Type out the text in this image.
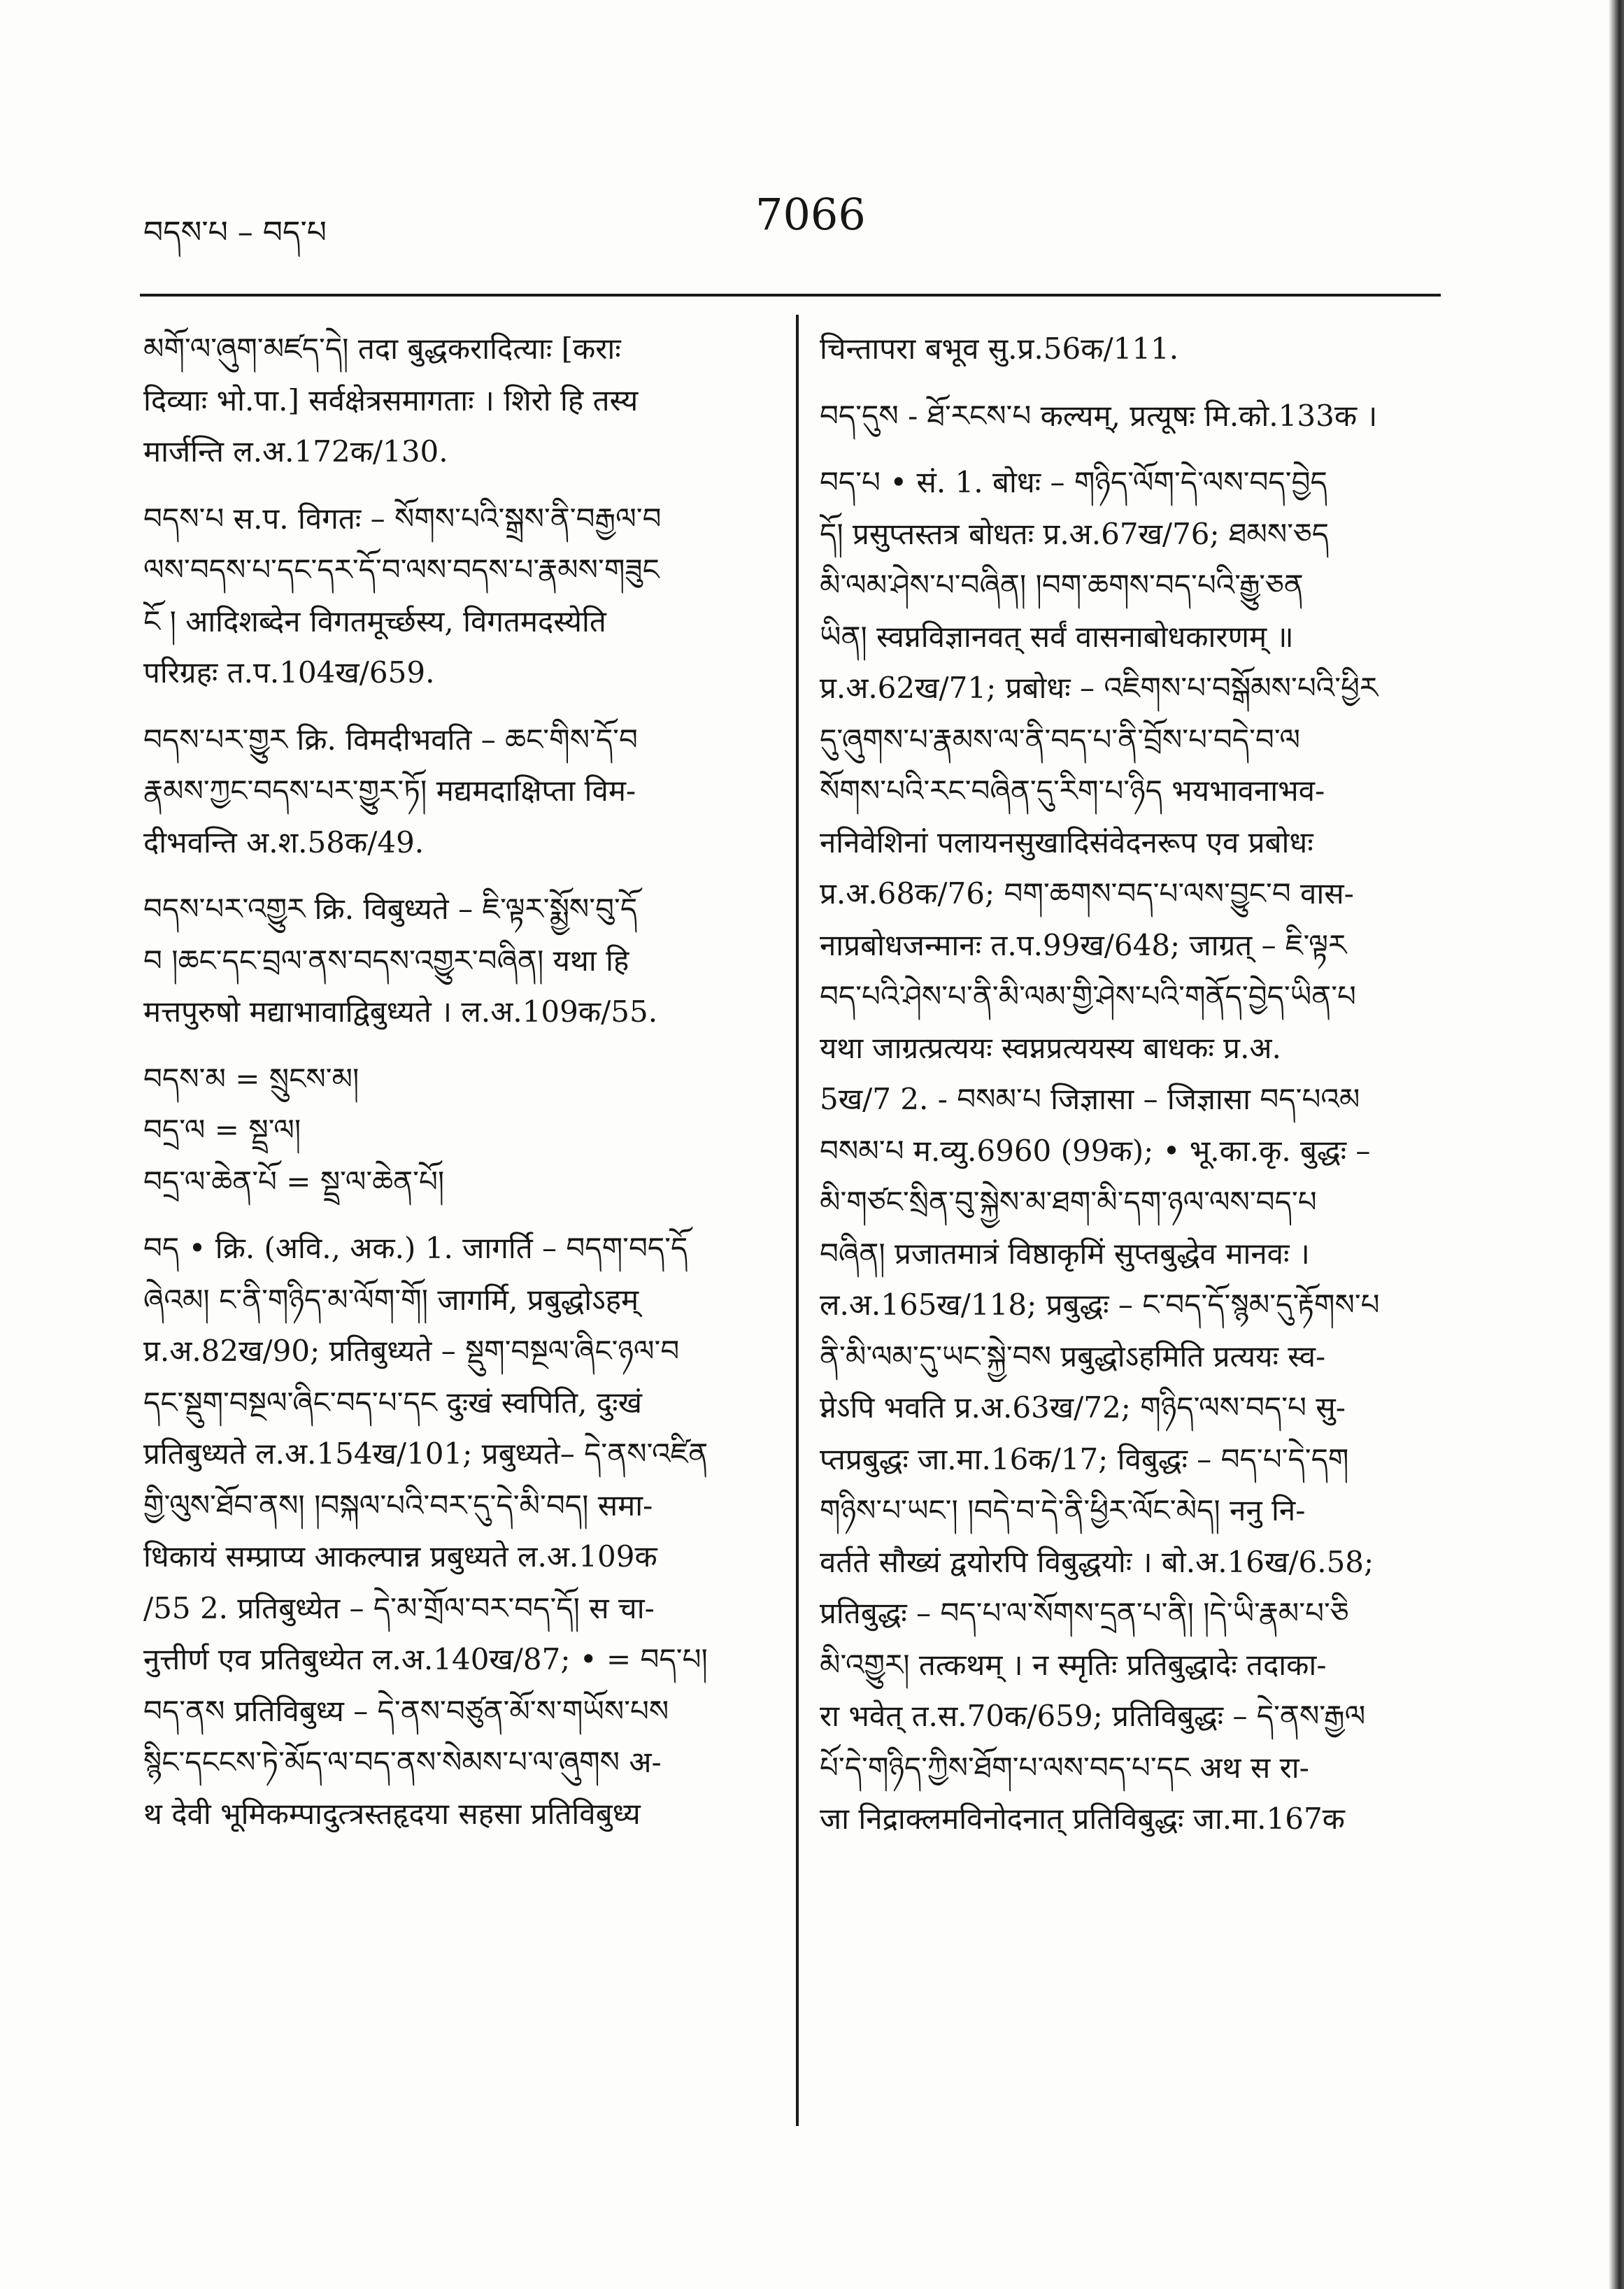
བདས་པ – བད་པ	7066
མགོ་ལ་ཞུག་མཛད་དེ། तदा बुद्धकरादित्याः [कराः
दिव्याः भो.पा.] सर्वक्षेत्रसमागताः । शिरो हि तस्य
मार्जन्ति ल.अ.172क/130.
བདས་པ स.प. विगतः – སོགས་པའི་སྒྲས་ནི་བརྒྱལ་བ
ལས་བདས་པ་དང་དར་དོ་བ་ལས་བདས་པ་རྣམས་གཟུང
ངོ ། आदिशब्देन विगतमूर्च्छस्य, विगतमदस्येति
परिग्रहः त.प.104ख/659.
བདས་པར་གྱུར क्रि. विमदीभवति – ཆང་གིས་དོ་བ
རྣམས་ཀྱང་བདས་པར་གྱུར་ཏོ། मद्यमदाक्षिप्ता विम-
दीभवन्ति अ.श.58क/49.
བདས་པར་འགྱུར क्रि. विबुध्यते – ཇི་ལྟར་སྨྱོས་བུ་དོ
བ །ཆང་དང་བྲལ་ནས་བདས་འགྱུར་བཞིན། यथा हि
मत्तपुरुषो मद्याभावाद्विबुध्यते । ल.अ.109क/55.
བདས་མ = སྲུངས་མ།
བདྲ་ལ = སྡྲ་ལ།
བདྲ་ལ་ཆེན་པོ = སྡྲ་ལ་ཆེན་པོ།
བད • क्रि. (अवि., अक.) 1. जागर्ति – བདག་བད་དོ
ཞེའམ། ང་ནི་གཉིད་མ་ལོག་གོ། जागर्मि, प्रबुद्धोऽहम्
प्र.अ.82ख/90; प्रतिबुध्यते – སྡུག་བསྔལ་ཞིང་ཉལ་བ
དང་སྡུག་བསྔལ་ཞིང་བད་པ་དང दुःखं स्वपिति, दुःखं
प्रतिबुध्यते ल.अ.154ख/101; प्रबुध्यते– དེ་ནས་འཛིན
གྱི་ལུས་ཐོབ་ནས། །བསྐལ་པའི་བར་དུ་དེ་མི་བད། समा-
धिकायं सम्प्राप्य आकल्पान्न प्रबुध्यते ल.अ.109क
/55 2. प्रतिबुध्येत – དེ་མ་གྲོལ་བར་བད་དོ། स चा-
नुत्तीर्ण एव प्रतिबुध्येत ल.अ.140ख/87; • = བད་པ།
བད་ནས प्रतिविबुध्य – དེ་ནས་བཙུན་མོ་ས་གཡོས་པས
སྙིང་དངངས་ཏེ་མོད་ལ་བད་ནས་སེམས་པ་ལ་ཞུགས अ-
थ देवी भूमिकम्पादुत्त्रस्तहृदया सहसा प्रतिविबुध्य
चिन्तापरा बभूव सु.प्र.56क/111.
བད་དུས - ཐོ་རངས་པ कल्यम्, प्रत्यूषः मि.को.133क ।
བད་པ • सं. 1. बोधः – གཉིད་ལོག་དེ་ལས་བད་བྱེད
དོ། प्रसुप्तस्तत्र बोधतः प्र.अ.67ख/76; ཐམས་ཅད
མི་ལམ་ཤེས་པ་བཞིན། །བག་ཆགས་བད་པའི་རྒྱུ་ཅན
ཡིན། स्वप्नविज्ञानवत् सर्वं वासनाबोधकारणम् ॥
प्र.अ.62ख/71; प्रबोधः – འཇིགས་པ་བསྒོམས་པའི་ཕྱིར
དུ་ཞུགས་པ་རྣམས་ལ་ནི་བད་པ་ནི་བྲོས་པ་བདེ་བ་ལ
སོགས་པའི་རང་བཞིན་དུ་རིག་པ་ཉིད भयभावनाभव-
ननिवेशिनां पलायनसुखादिसंवेदनरूप एव प्रबोधः
प्र.अ.68क/76; བག་ཆགས་བད་པ་ལས་བྱུང་བ वास-
नाप्रबोधजन्मानः त.प.99ख/648; जाग्रत् – ཇི་ལྟར
བད་པའི་ཤེས་པ་ནི་མི་ལམ་གྱི་ཤེས་པའི་གནོད་བྱེད་ཡིན་པ
यथा जाग्रत्प्रत्ययः स्वप्नप्रत्ययस्य बाधकः प्र.अ.
5ख/7 2. - བསམ་པ जिज्ञासा – जिज्ञासा བད་པའམ
བསམ་པ म.व्यु.6960 (99क); • भू.का.कृ. बुद्धः –
མི་གཙང་སྲིན་བུ་སྐྱེས་མ་ཐག་མི་དག་ཉལ་ལས་བད་པ
བཞིན། प्रजातमात्रं विष्ठाकृमिं सुप्तबुद्धेव मानवः ।
ल.अ.165ख/118; प्रबुद्धः – ང་བད་དོ་སྙམ་དུ་རྟོགས་པ
ནི་མི་ལམ་དུ་ཡང་སྐྱེ་བས प्रबुद्धोऽहमिति प्रत्ययः स्व-
प्नेऽपि भवति प्र.अ.63ख/72; གཉིད་ལས་བད་པ सु-
प्तप्रबुद्धः जा.मा.16क/17; विबुद्धः – བད་པ་དེ་དག
གཉིས་པ་ཡང་། །བདེ་བ་དེ་ནི་ཕྱིར་ལོང་མེད། ननु नि-
वर्तते सौख्यं द्वयोरपि विबुद्धयोः । बो.अ.16ख/6.58;
प्रतिबुद्धः – བད་པ་ལ་སོགས་དྲན་པ་ནི། །དེ་ཡི་རྣམ་པ་ཅི
མི་འགྱུར། तत्कथम् । न स्मृतिः प्रतिबुद्धादेः तदाका-
रा भवेत् त.स.70क/659; प्रतिविबुद्धः – དེ་ནས་རྒྱལ
པོ་དེ་གཉིད་ཀྱིས་ཐོག་པ་ལས་བད་པ་དང अथ स रा-
जा निद्राक्लमविनोदनात् प्रतिविबुद्धः जा.मा.167क
